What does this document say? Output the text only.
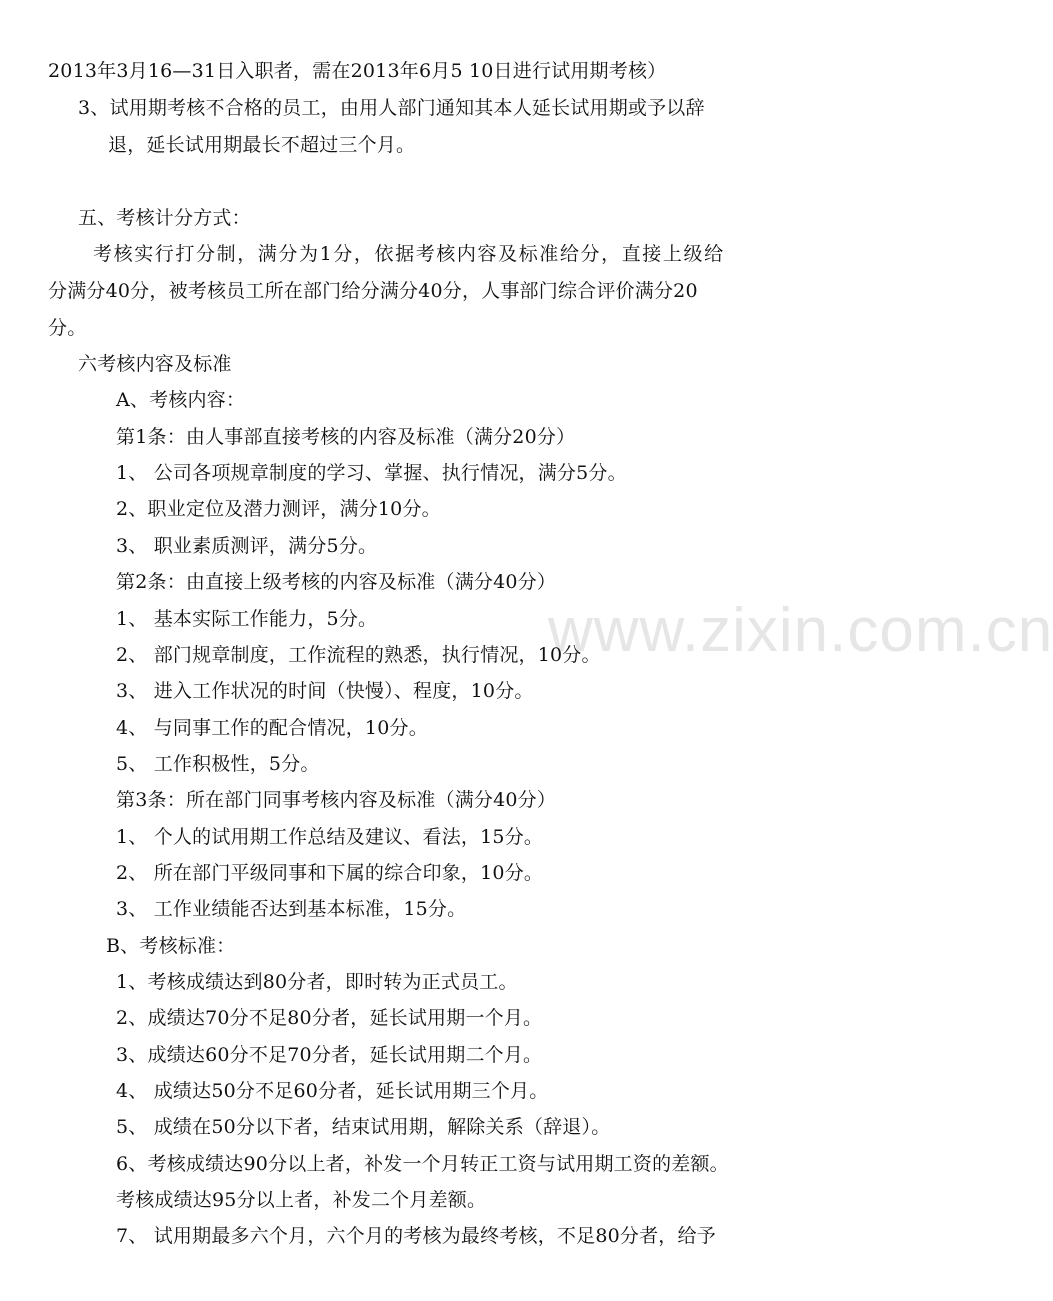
www.zixin.com.cn
2013年3月16—31日入职者，需在2013年6月5 10日进行试用期考核）
3、试用期考核不合格的员工，由用人部门通知其本人延长试用期或予以辞
退，延长试用期最长不超过三个月。
五、考核计分方式：
考核实行打分制，满分为1分，依据考核内容及标准给分，直接上级给
分满分40分，被考核员工所在部门给分满分40分，人事部门综合评价满分20
分。
六考核内容及标准
A、考核内容：
第1条：由人事部直接考核的内容及标准（满分20分）
1、 公司各项规章制度的学习、掌握、执行情况，满分5分。
2、职业定位及潜力测评，满分10分。
3、 职业素质测评，满分5分。
第2条：由直接上级考核的内容及标准（满分40分）
1、 基本实际工作能力，5分。
2、 部门规章制度，工作流程的熟悉，执行情况，10分。
3、 进入工作状况的时间（快慢）、程度，10分。
4、 与同事工作的配合情况，10分。
5、 工作积极性，5分。
第3条：所在部门同事考核内容及标准（满分40分）
1、 个人的试用期工作总结及建议、看法，15分。
2、 所在部门平级同事和下属的综合印象，10分。
3、 工作业绩能否达到基本标准，15分。
B、考核标准：
1、考核成绩达到80分者，即时转为正式员工。
2、成绩达70分不足80分者，延长试用期一个月。
3、成绩达60分不足70分者，延长试用期二个月。
4、 成绩达50分不足60分者，延长试用期三个月。
5、 成绩在50分以下者，结束试用期，解除关系（辞退）。
6、考核成绩达90分以上者，补发一个月转正工资与试用期工资的差额。
考核成绩达95分以上者，补发二个月差额。
7、 试用期最多六个月，六个月的考核为最终考核，不足80分者，给予
